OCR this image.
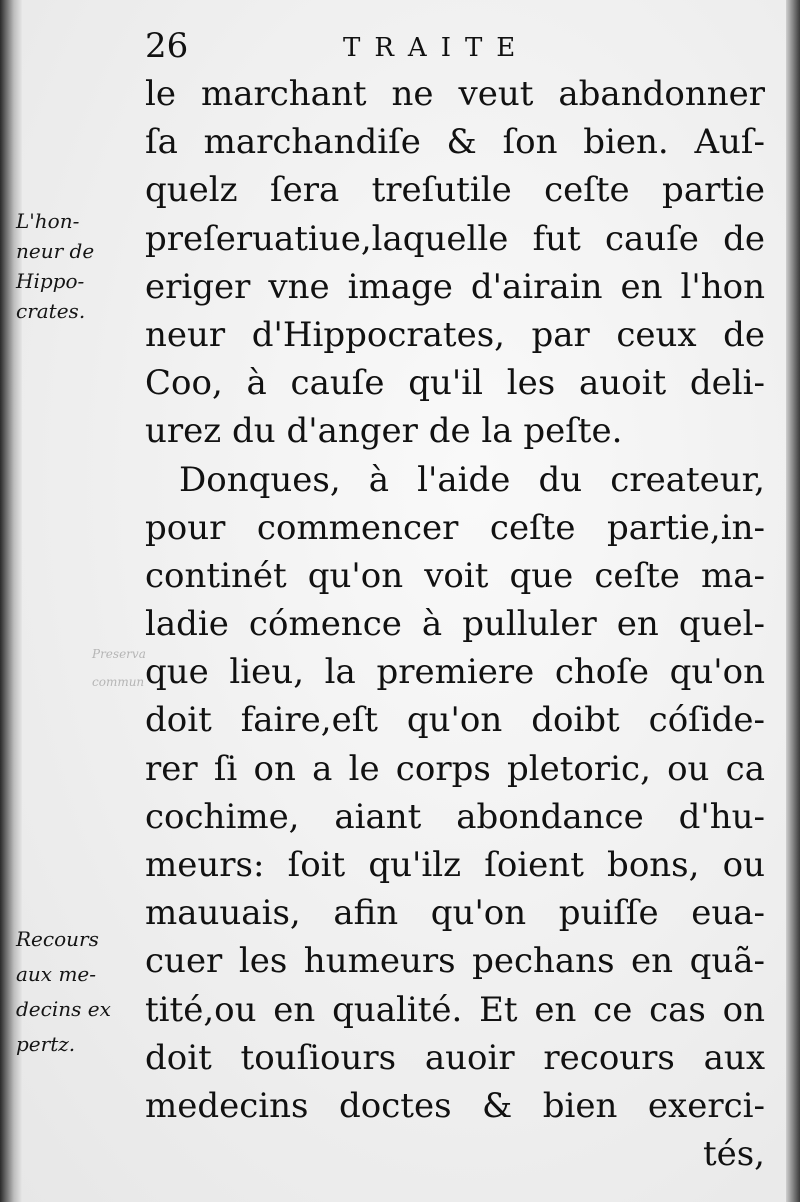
26	TRAITE
L'hon-
neur de
Hippo-
crates.
Recours
aux me-
decins ex
pertz.
Preserva
commun
le marchant ne veut abandonner
ſa marchandiſe & ſon bien. Auſ-
quelz ſera treſutile ceſte partie
preſeruatiue,laquelle fut cauſe de
eriger vne image d'airain en l'hon
neur d'Hippocrates, par ceux de
Coo, à cauſe qu'il les auoit deli-
urez du d'anger de la peſte.
Donques, à l'aide du createur,
pour commencer ceſte partie,in-
continét qu'on voit que ceſte ma-
ladie cómence à pulluler en quel-
que lieu, la premiere choſe qu'on
doit faire,eſt qu'on doibt cóſide-
rer ſi on a le corps pletoric, ou ca
cochime, aiant abondance d'hu-
meurs: ſoit qu'ilz ſoient bons, ou
mauuais, afin qu'on puiſſe eua-
cuer les humeurs pechans en quã-
tité,ou en qualité. Et en ce cas on
doit touſiours auoir recours aux
medecins doctes & bien exerci-
tés,
